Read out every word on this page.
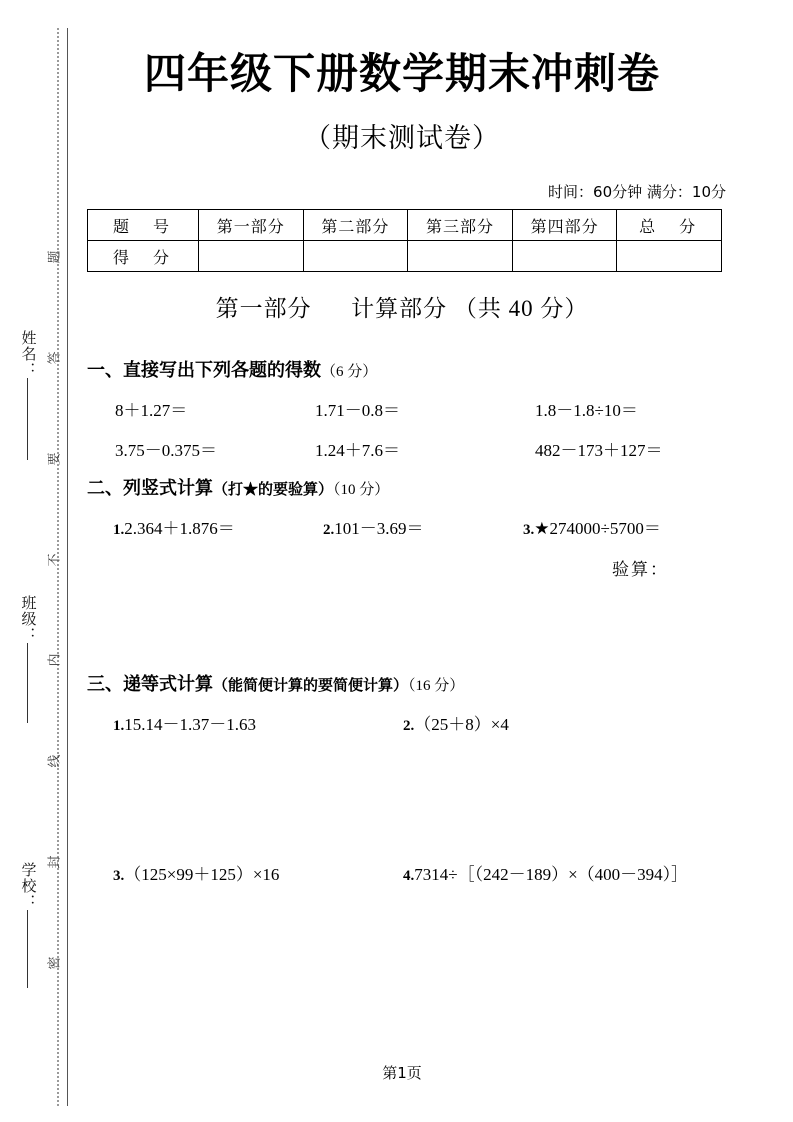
题
答
要
不
内
线
封
密
姓名：
班级：
学校：
四年级下册数学期末冲刺卷
（期末测试卷）
时间：60分钟 满分：10分
题　号	第一部分	第二部分	第三部分	第四部分	总　分
得　分					
第一部分 计算部分 （共 40 分）
一、直接写出下列各题的得数（6 分）
8＋1.27＝	1.71－0.8＝	1.8－1.8÷10＝
3.75－0.375＝	1.24＋7.6＝	482－173＋127＝
二、列竖式计算（打★的要验算）（10 分）
1.2.364＋1.876＝	2.101－3.69＝	3.★274000÷5700＝
验算：
三、递等式计算（能简便计算的要简便计算）（16 分）
1.15.14－1.37－1.63	2.（25＋8）×4
3.（125×99＋125）×16	4.7314÷［（242－189）×（400－394）］
第1页
